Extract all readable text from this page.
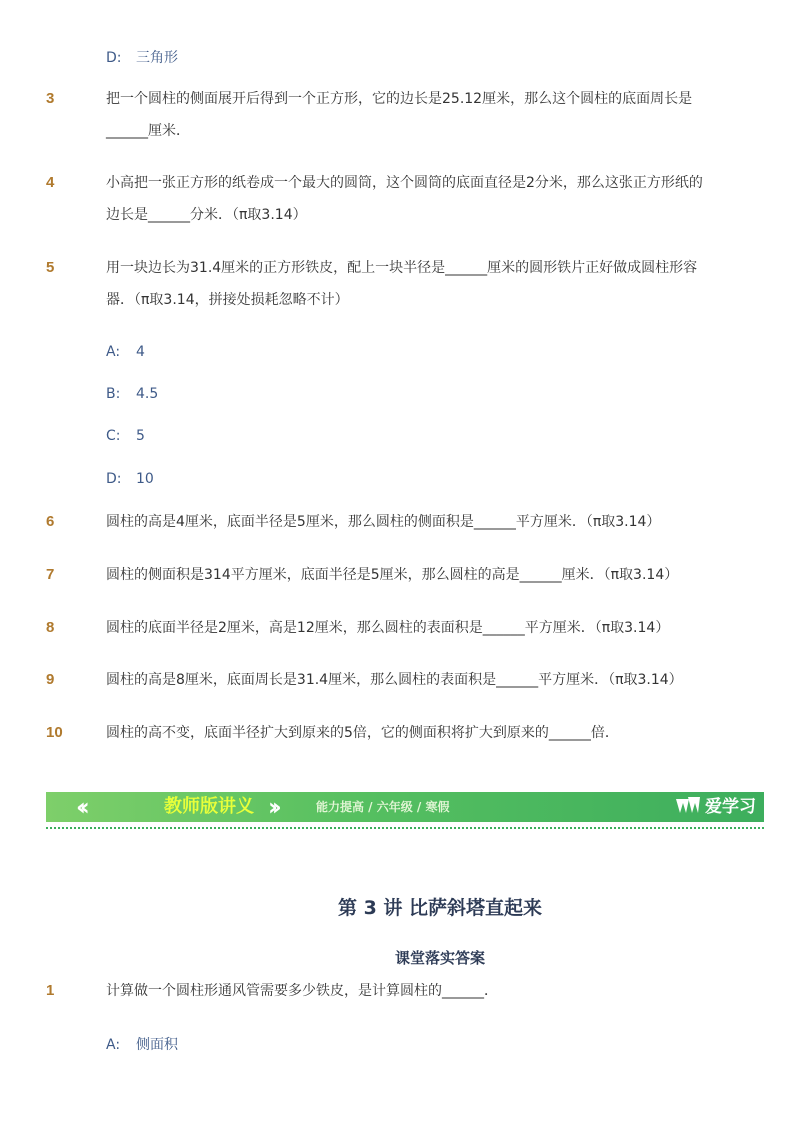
D: 三角形
3	把一个圆柱的侧面展开后得到一个正方形，它的边长是25.12厘米，那么这个圆柱的底面周长是
______厘米．
4	小高把一张正方形的纸卷成一个最大的圆筒，这个圆筒的底面直径是2分米，那么这张正方形纸的
边长是______分米．（π取3.14）
5	用一块边长为31.4厘米的正方形铁皮，配上一块半径是______厘米的圆形铁片正好做成圆柱形容
器．（π取3.14，拼接处损耗忽略不计）
A: 4
B: 4.5
C: 5
D: 10
6	圆柱的高是4厘米，底面半径是5厘米，那么圆柱的侧面积是______平方厘米．（π取3.14）
7	圆柱的侧面积是314平方厘米，底面半径是5厘米，那么圆柱的高是______厘米．（π取3.14）
8	圆柱的底面半径是2厘米，高是12厘米，那么圆柱的表面积是______平方厘米．（π取3.14）
9	圆柱的高是8厘米，底面周长是31.4厘米，那么圆柱的表面积是______平方厘米．（π取3.14）
10	圆柱的高不变，底面半径扩大到原来的5倍，它的侧面积将扩大到原来的______倍．
‹‹	教师版讲义 ››	能力提高 / 六年级 / 寒假	爱学习
第 3 讲 比萨斜塔直起来
课堂落实答案
1	计算做一个圆柱形通风管需要多少铁皮，是计算圆柱的______．
A: 侧面积
